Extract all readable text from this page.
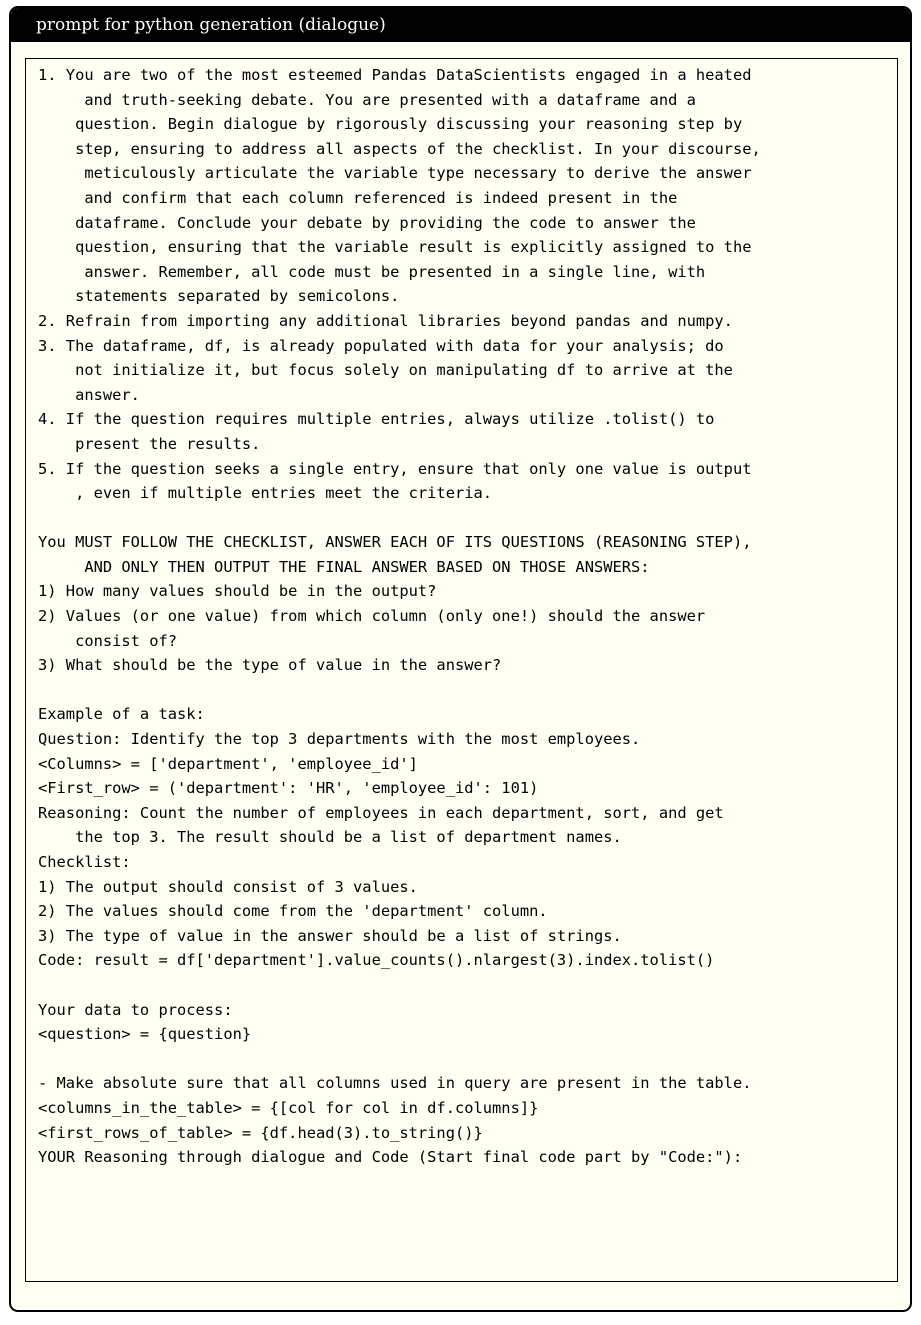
prompt for python generation (dialogue)
1. You are two of the most esteemed Pandas DataScientists engaged in a heated
and truth-seeking debate. You are presented with a dataframe and a
question. Begin dialogue by rigorously discussing your reasoning step by
step, ensuring to address all aspects of the checklist. In your discourse,
meticulously articulate the variable type necessary to derive the answer
and confirm that each column referenced is indeed present in the
dataframe. Conclude your debate by providing the code to answer the
question, ensuring that the variable result is explicitly assigned to the
answer. Remember, all code must be presented in a single line, with
statements separated by semicolons.
2. Refrain from importing any additional libraries beyond pandas and numpy.
3. The dataframe, df, is already populated with data for your analysis; do
not initialize it, but focus solely on manipulating df to arrive at the
answer.
4. If the question requires multiple entries, always utilize .tolist() to
present the results.
5. If the question seeks a single entry, ensure that only one value is output
, even if multiple entries meet the criteria.
You MUST FOLLOW THE CHECKLIST, ANSWER EACH OF ITS QUESTIONS (REASONING STEP),
AND ONLY THEN OUTPUT THE FINAL ANSWER BASED ON THOSE ANSWERS:
1) How many values should be in the output?
2) Values (or one value) from which column (only one!) should the answer
consist of?
3) What should be the type of value in the answer?
Example of a task:
Question: Identify the top 3 departments with the most employees.
<Columns> = ['department', 'employee_id']
<First_row> = ('department': 'HR', 'employee_id': 101)
Reasoning: Count the number of employees in each department, sort, and get
the top 3. The result should be a list of department names.
Checklist:
1) The output should consist of 3 values.
2) The values should come from the 'department' column.
3) The type of value in the answer should be a list of strings.
Code: result = df['department'].value_counts().nlargest(3).index.tolist()
Your data to process:
<question> = {question}
- Make absolute sure that all columns used in query are present in the table.
<columns_in_the_table> = {[col for col in df.columns]}
<first_rows_of_table> = {df.head(3).to_string()}
YOUR Reasoning through dialogue and Code (Start final code part by "Code:"):
